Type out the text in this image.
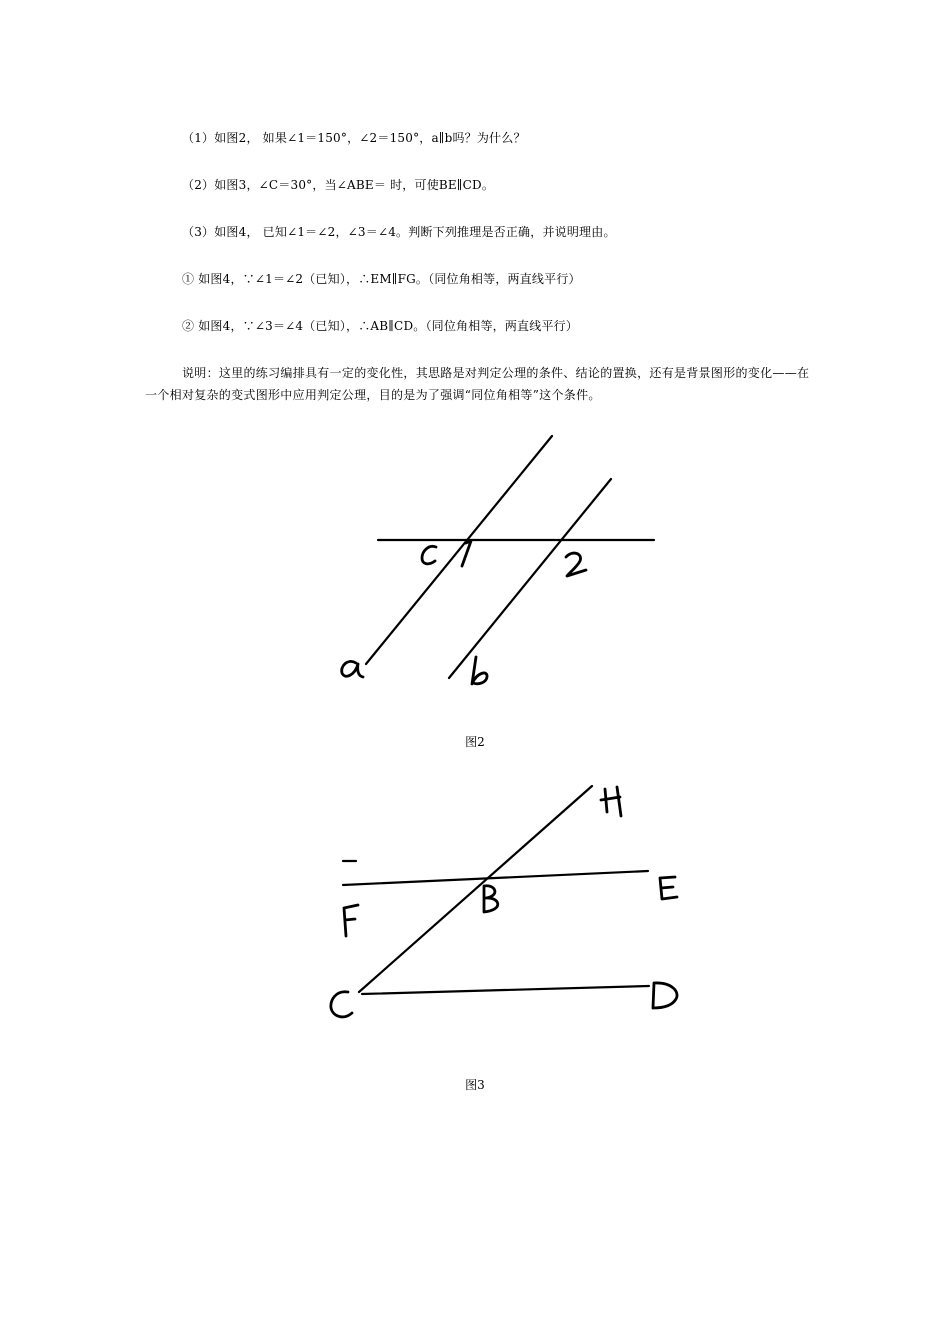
（1）如图2， 如果∠1＝150°，∠2＝150°，a∥b吗？为什么？
（2）如图3，∠C＝30°，当∠ABE＝ 时，可使BE∥CD。
（3）如图4， 已知∠1＝∠2，∠3＝∠4。判断下列推理是否正确，并说明理由。
① 如图4，∵∠1＝∠2（已知），∴EM∥FG。（同位角相等，两直线平行）
② 如图4，∵∠3＝∠4（已知），∴AB∥CD。（同位角相等，两直线平行）
说明：这里的练习编排具有一定的变化性，其思路是对判定公理的条件、结论的置换，还有是背景图形的变化——在一个相对复杂的变式图形中应用判定公理，目的是为了强调“同位角相等”这个条件。
图2
图3
